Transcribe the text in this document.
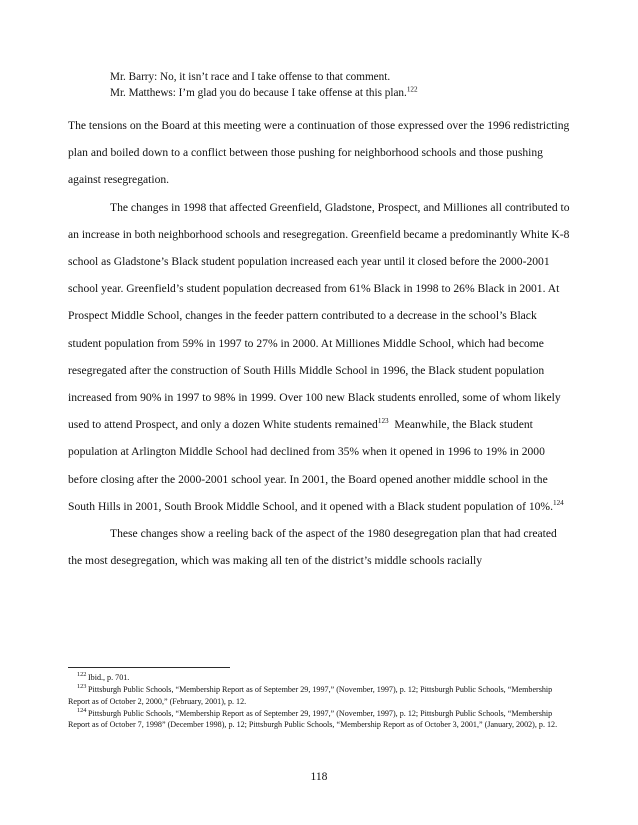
Mr. Barry: No, it isn’t race and I take offense to that comment.
Mr. Matthews: I’m glad you do because I take offense at this plan.$^{122}$

The tensions on the Board at this meeting were a continuation of those expressed over the 1996 redistricting plan and boiled down to a conflict between those pushing for neighborhood schools and those pushing against resegregation.

The changes in 1998 that affected Greenfield, Gladstone, Prospect, and Milliones all contributed to an increase in both neighborhood schools and resegregation. Greenfield became a predominantly White K-8 school as Gladstone’s Black student population increased each year until it closed before the 2000-2001 school year. Greenfield’s student population decreased from 61% Black in 1998 to 26% Black in 2001. At Prospect Middle School, changes in the feeder pattern contributed to a decrease in the school’s Black student population from 59% in 1997 to 27% in 2000. At Milliones Middle School, which had become resegregated after the construction of South Hills Middle School in 1996, the Black student population increased from 90% in 1997 to 98% in 1999. Over 100 new Black students enrolled, some of whom likely used to attend Prospect, and only a dozen White students remained$^{123}$ Meanwhile, the Black student population at Arlington Middle School had declined from 35% when it opened in 1996 to 19% in 2000 before closing after the 2000-2001 school year. In 2001, the Board opened another middle school in the South Hills in 2001, South Brook Middle School, and it opened with a Black student population of 10%.$^{124}$

These changes show a reeling back of the aspect of the 1980 desegregation plan that had created the most desegregation, which was making all ten of the district’s middle schools racially

$^{122}$ Ibid., p. 701.

$^{123}$ Pittsburgh Public Schools, “Membership Report as of September 29, 1997,” (November, 1997), p. 12; Pittsburgh Public Schools, “Membership Report as of October 2, 2000,” (February, 2001), p. 12.

$^{124}$ Pittsburgh Public Schools, “Membership Report as of September 29, 1997,” (November, 1997), p. 12; Pittsburgh Public Schools, “Membership Report as of October 7, 1998” (December 1998), p. 12; Pittsburgh Public Schools, “Membership Report as of October 3, 2001,” (January, 2002), p. 12.

118
